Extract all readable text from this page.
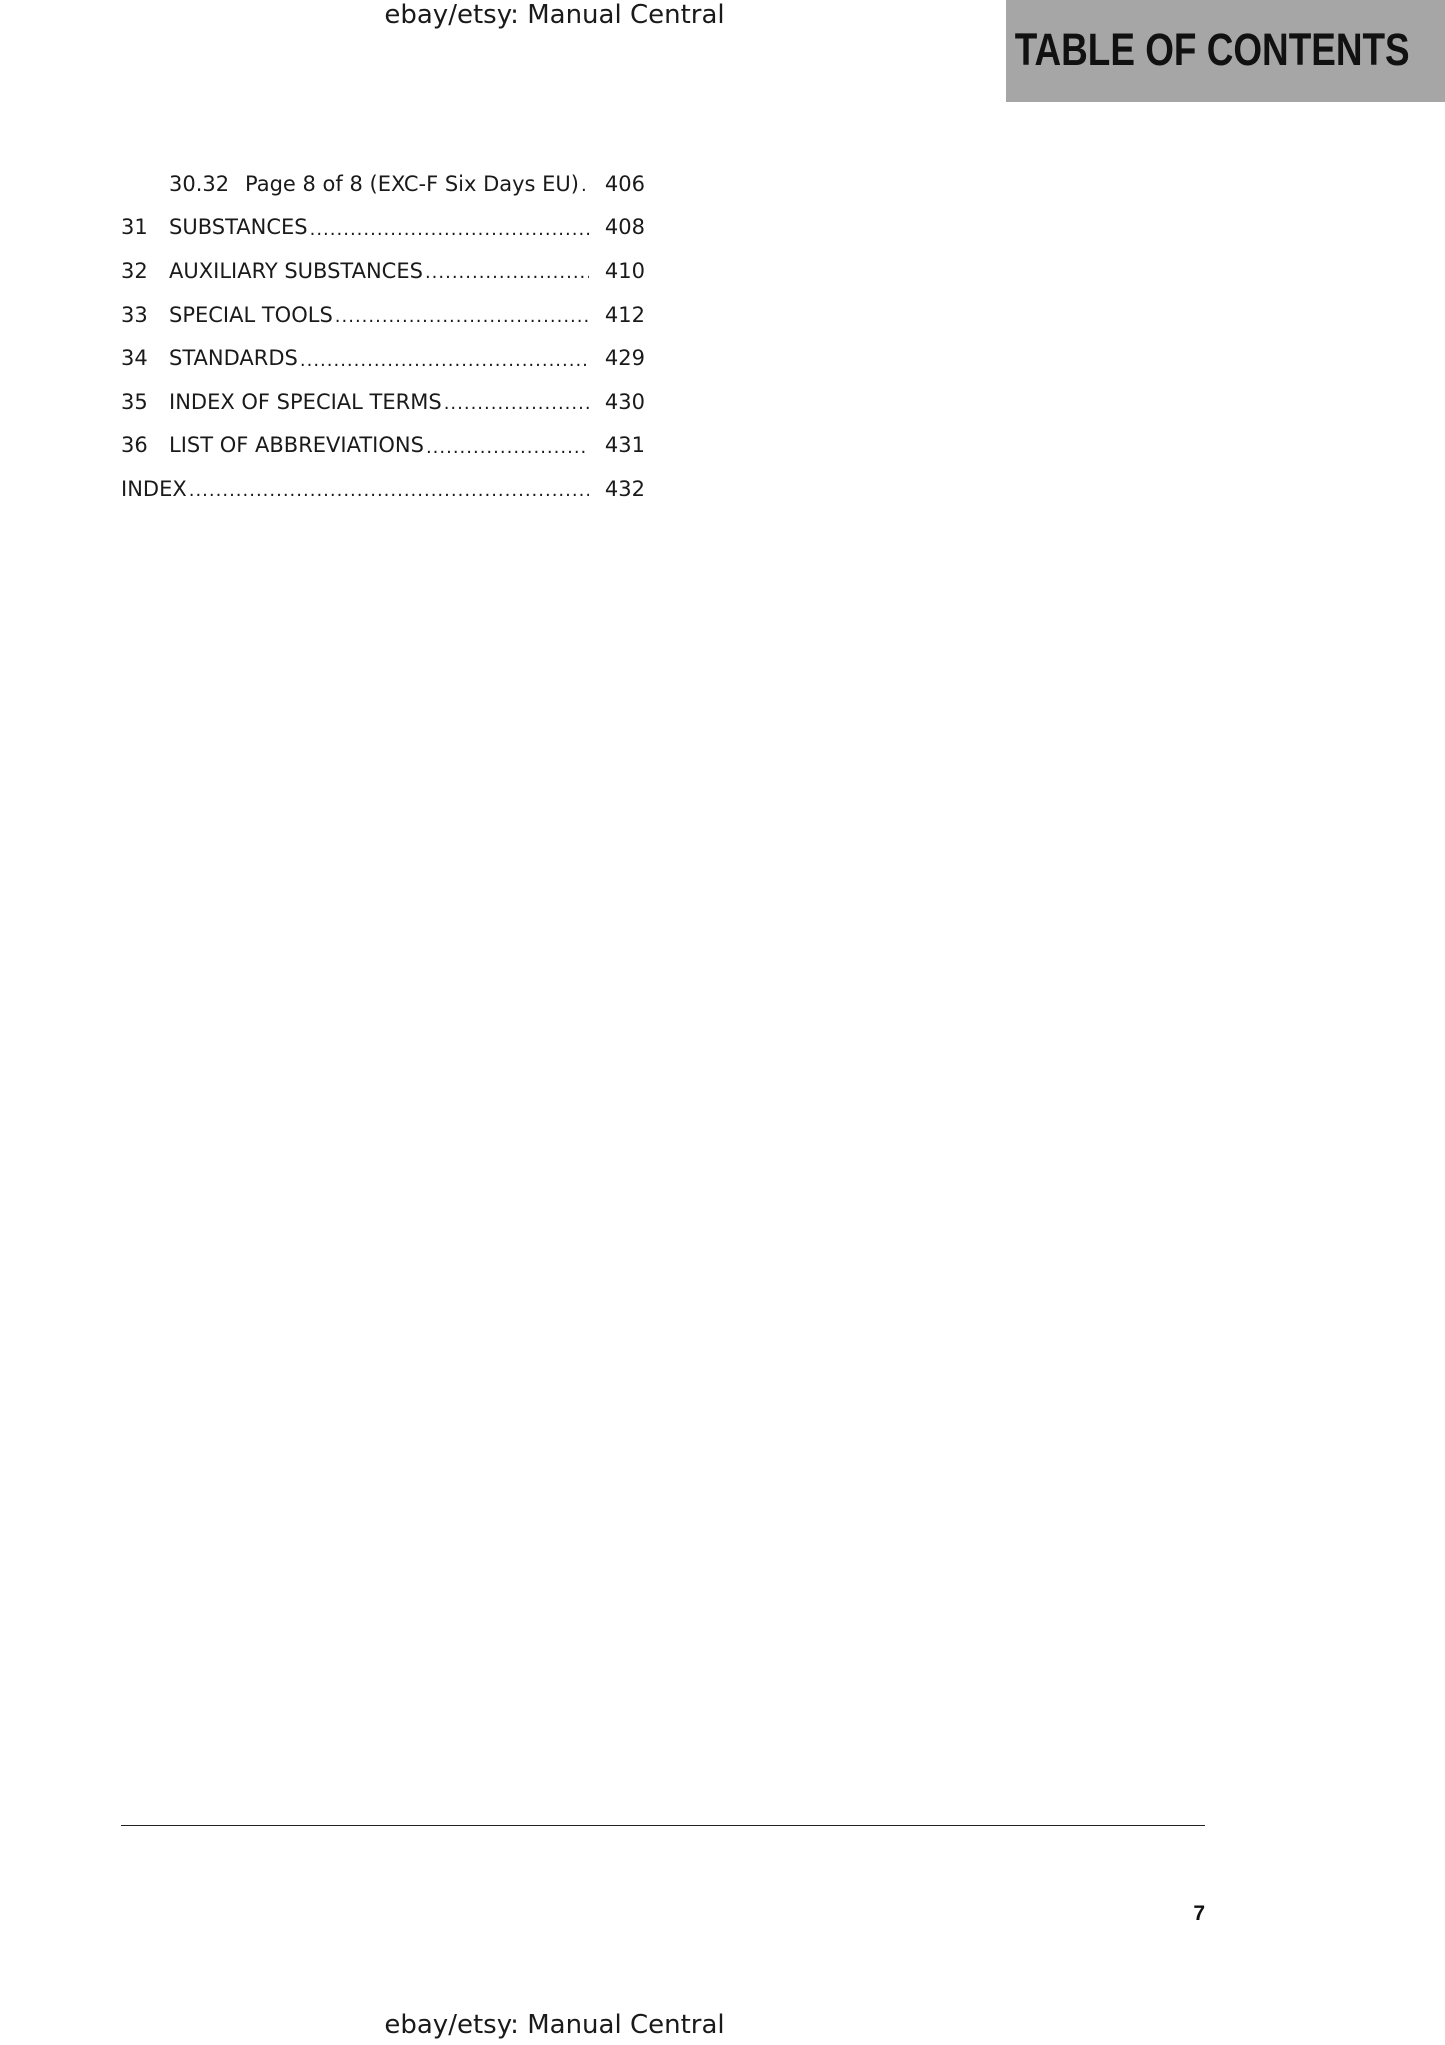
ebay/etsy: Manual Central
TABLE OF CONTENTS
30.32 Page 8 of 8 (EXC-F Six Days EU) .....	406
31	SUBSTANCES .....	408
32	AUXILIARY SUBSTANCES .....	410
33	SPECIAL TOOLS .....	412
34	STANDARDS .....	429
35	INDEX OF SPECIAL TERMS .....	430
36	LIST OF ABBREVIATIONS .....	431
INDEX .....	432
7
ebay/etsy: Manual Central
